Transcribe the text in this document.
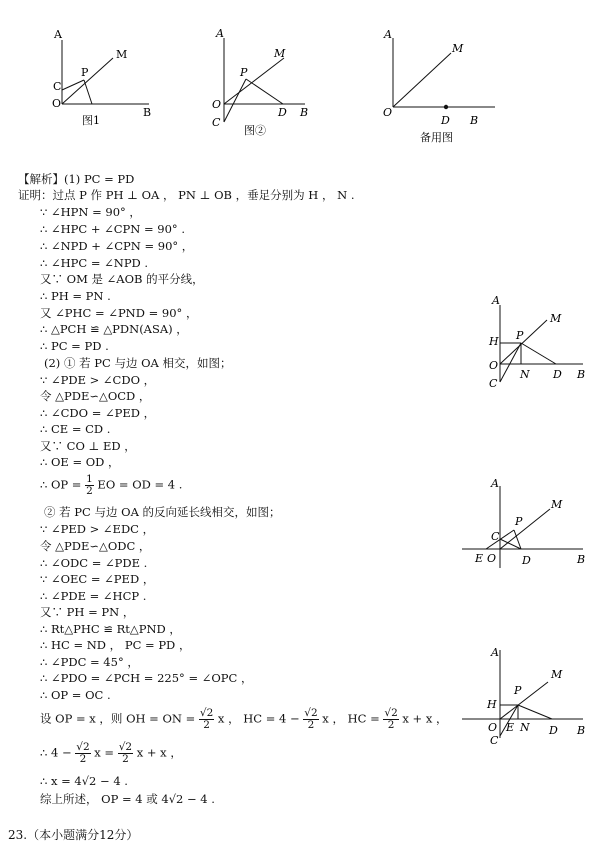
A
M
P
C
O
B
图1
A
M
P
O
C
D B
图②
A
M
O
D B
备用图
A
M
H P
O
N D B
C
A
M
C
P
E O D	B
A
M
H
P
O E N D B
C
【解析】(1) PC = PD
证明：过点 P 作 PH ⊥ OA ， PN ⊥ OB ，垂足分别为 H ， N .
∵ ∠HPN = 90° ，
∴ ∠HPC + ∠CPN = 90° .
∴ ∠NPD + ∠CPN = 90° ，
∴ ∠HPC = ∠NPD .
又∵ OM 是 ∠AOB 的平分线，
∴ PH = PN .
又 ∠PHC = ∠PND = 90° ，
∴ △PCH ≌ △PDN(ASA) ，
∴ PC = PD .
(2) ① 若 PC 与边 OA 相交，如图；
∵ ∠PDE > ∠CDO ，
令 △PDE∽△OCD ，
∴ ∠CDO = ∠PED ，
∴ CE = CD .
又∵ CO ⊥ ED ，
∴ OE = OD ，
∴ OP = $\frac{1}{2}$ EO = OD = 4 .
② 若 PC 与边 OA 的反向延长线相交，如图；
∵ ∠PED > ∠EDC ，
令 △PDE∽△ODC ，
∴ ∠ODC = ∠PDE .
∵ ∠OEC = ∠PED ，
∴ ∠PDE = ∠HCP .
又∵ PH = PN ，
∴ Rt△PHC ≌ Rt△PND ，
∴ HC = ND ， PC = PD ，
∴ ∠PDC = 45° ，
∴ ∠PDO = ∠PCH = 225° = ∠OPC ，
∴ OP = OC .
设 OP = x ，则 OH = ON = $\frac{√2}{2}$ x ， HC = $4 - \frac{√2}{2}$ x ， HC = $\frac{√2}{2}$ x + x ，
∴ $4 - \frac{√2}{2}$ $x = \frac{√2}{2}$ x + x ，
∴ x = 4√2 − 4 .
综上所述， OP = 4 或 4√2 − 4 .
23.（本小题满分12分）
